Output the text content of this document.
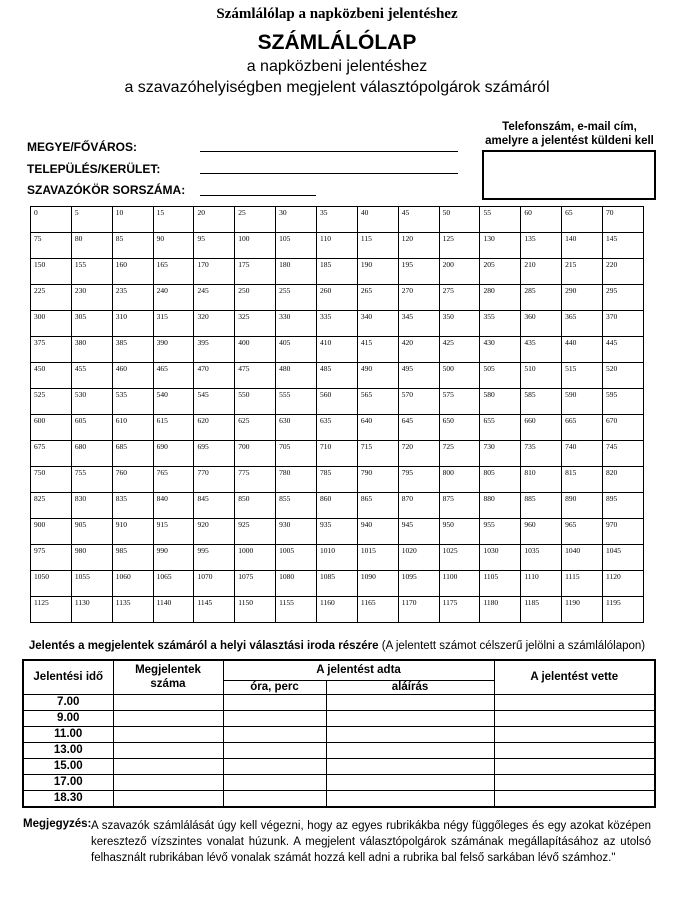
Számlálólap a napközbeni jelentéshez
SZÁMLÁLÓLAP
a napközbeni jelentéshez
a szavazóhelyiségben megjelent választópolgárok számáról
MEGYE/FŐVÁROS:
TELEPÜLÉS/KERÜLET:
SZAVAZÓKÖR SORSZÁMA:
Telefonszám, e-mail cím, amelyre a jelentést küldeni kell
0	5	10	15	20	25	30	35	40	45	50	55	60	65	70
75	80	85	90	95	100	105	110	115	120	125	130	135	140	145
150	155	160	165	170	175	180	185	190	195	200	205	210	215	220
225	230	235	240	245	250	255	260	265	270	275	280	285	290	295
300	305	310	315	320	325	330	335	340	345	350	355	360	365	370
375	380	385	390	395	400	405	410	415	420	425	430	435	440	445
450	455	460	465	470	475	480	485	490	495	500	505	510	515	520
525	530	535	540	545	550	555	560	565	570	575	580	585	590	595
600	605	610	615	620	625	630	635	640	645	650	655	660	665	670
675	680	685	690	695	700	705	710	715	720	725	730	735	740	745
750	755	760	765	770	775	780	785	790	795	800	805	810	815	820
825	830	835	840	845	850	855	860	865	870	875	880	885	890	895
900	905	910	915	920	925	930	935	940	945	950	955	960	965	970
975	980	985	990	995	1000	1005	1010	1015	1020	1025	1030	1035	1040	1045
1050	1055	1060	1065	1070	1075	1080	1085	1090	1095	1100	1105	1110	1115	1120
1125	1130	1135	1140	1145	1150	1155	1160	1165	1170	1175	1180	1185	1190	1195
Jelentés a megjelentek számáról a helyi választási iroda részére (A jelentett számot célszerű jelölni a számlálólapon)
Jelentési idő	Megjelentek száma	A jelentést adta		A jelentést vette
		óra, perc	aláírás	
7.00				
9.00				
11.00				
13.00				
15.00				
17.00				
18.30				
Megjegyzés: A szavazók számlálását úgy kell végezni, hogy az egyes rubrikákba négy függőleges és egy azokat középen keresztező vízszintes vonalat húzunk. A megjelent választópolgárok számának megállapításához az utolsó felhasznált rubrikában lévő vonalak számát hozzá kell adni a rubrika bal felső sarkában lévő számhoz."
